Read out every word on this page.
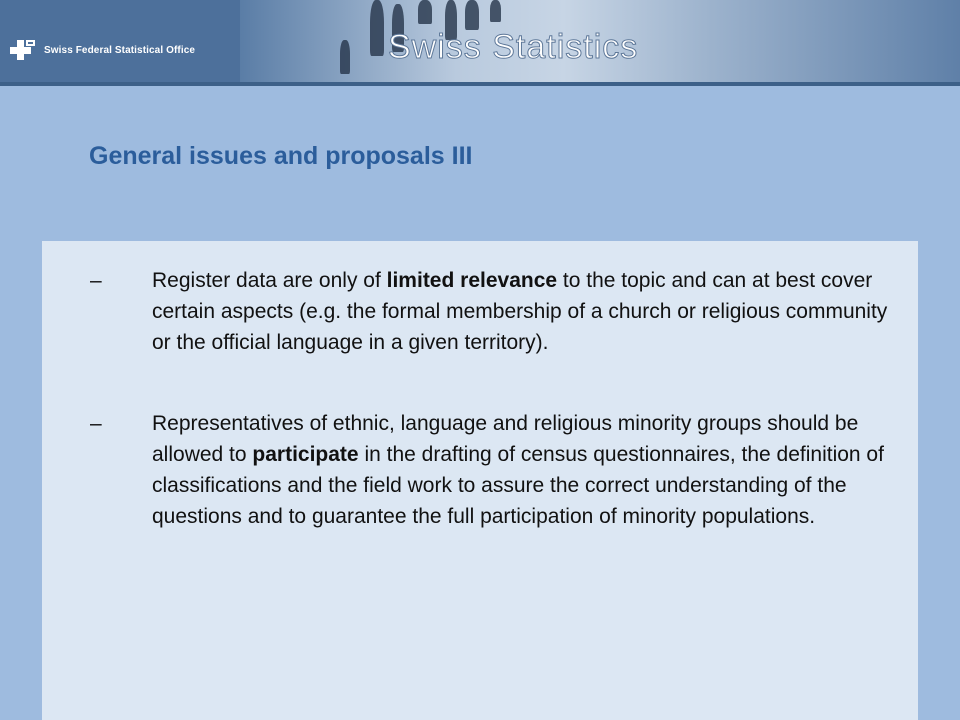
Swiss Federal Statistical Office	Swiss Statistics
General issues and proposals III
– Register data are only of limited relevance to the topic and can at best cover certain aspects (e.g. the formal membership of a church or religious community or the official language in a given territory).
– Representatives of ethnic, language and religious minority groups should be allowed to participate in the drafting of census questionnaires, the definition of classifications and the field work to assure the correct understanding of the questions and to guarantee the full participation of minority populations.
